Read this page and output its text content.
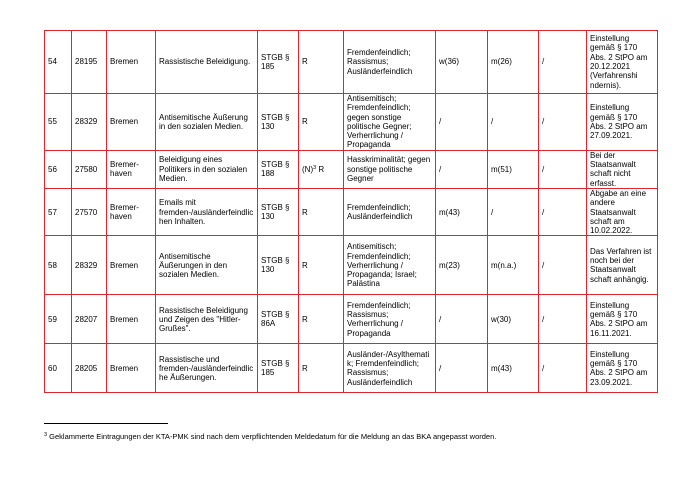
54	28195	Bremen	Rassistische Beleidigung.	STGB § 185	R	Fremdenfeindlich; Rassismus; Ausländerfeindlich	w(36)	m(26)	/	Einstellung gemäß § 170 Abs. 2 StPO am 20.12.2021 (Verfahrenshi ndernis).
55	28329	Bremen	Antisemitische Äußerung in den sozialen Medien.	STGB § 130	R	Antisemitisch; Fremdenfeindlich; gegen sonstige politische Gegner; Verherrlichung / Propaganda	/	/	/	Einstellung gemäß § 170 Abs. 2 StPO am 27.09.2021.
56	27580	Bremer-haven	Beleidigung eines Politikers in den sozialen Medien.	STGB § 188	(N)$^3$ R	Hasskriminalität; gegen sonstige politische Gegner	/	m(51)	/	Bei der Staatsanwalt schaft nicht erfasst.
57	27570	Bremer-haven	Emails mit fremden-/ausländerfeindlichen Inhalten.	STGB § 130	R	Fremdenfeindlich; Ausländerfeindlich	m(43)	/	/	Abgabe an eine andere Staatsanwalt schaft am 10.02.2022.
58	28329	Bremen	Antisemitische Äußerungen in den sozialen Medien.	STGB § 130	R	Antisemitisch; Fremdenfeindlich; Verherrlichung / Propaganda; Israel; Palästina	m(23)	m(n.a.)	/	Das Verfahren ist noch bei der Staatsanwalt schaft anhängig.
59	28207	Bremen	Rassistische Beleidigung und Zeigen des "Hitler-Grußes".	STGB § 86A	R	Fremdenfeindlich; Rassismus; Verherrlichung / Propaganda	/	w(30)	/	Einstellung gemäß § 170 Abs. 2 StPO am 16.11.2021.
60	28205	Bremen	Rassistische und fremden-/ausländerfeindliche Äußerungen.	STGB § 185	R	Ausländer-/Asylthematik; Fremdenfeindlich; Rassismus; Ausländerfeindlich	/	m(43)	/	Einstellung gemäß § 170 Abs. 2 StPO am 23.09.2021.
$^3$ Geklammerte Eintragungen der KTA-PMK sind nach dem verpflichtenden Meldedatum für die Meldung an das BKA angepasst worden.
